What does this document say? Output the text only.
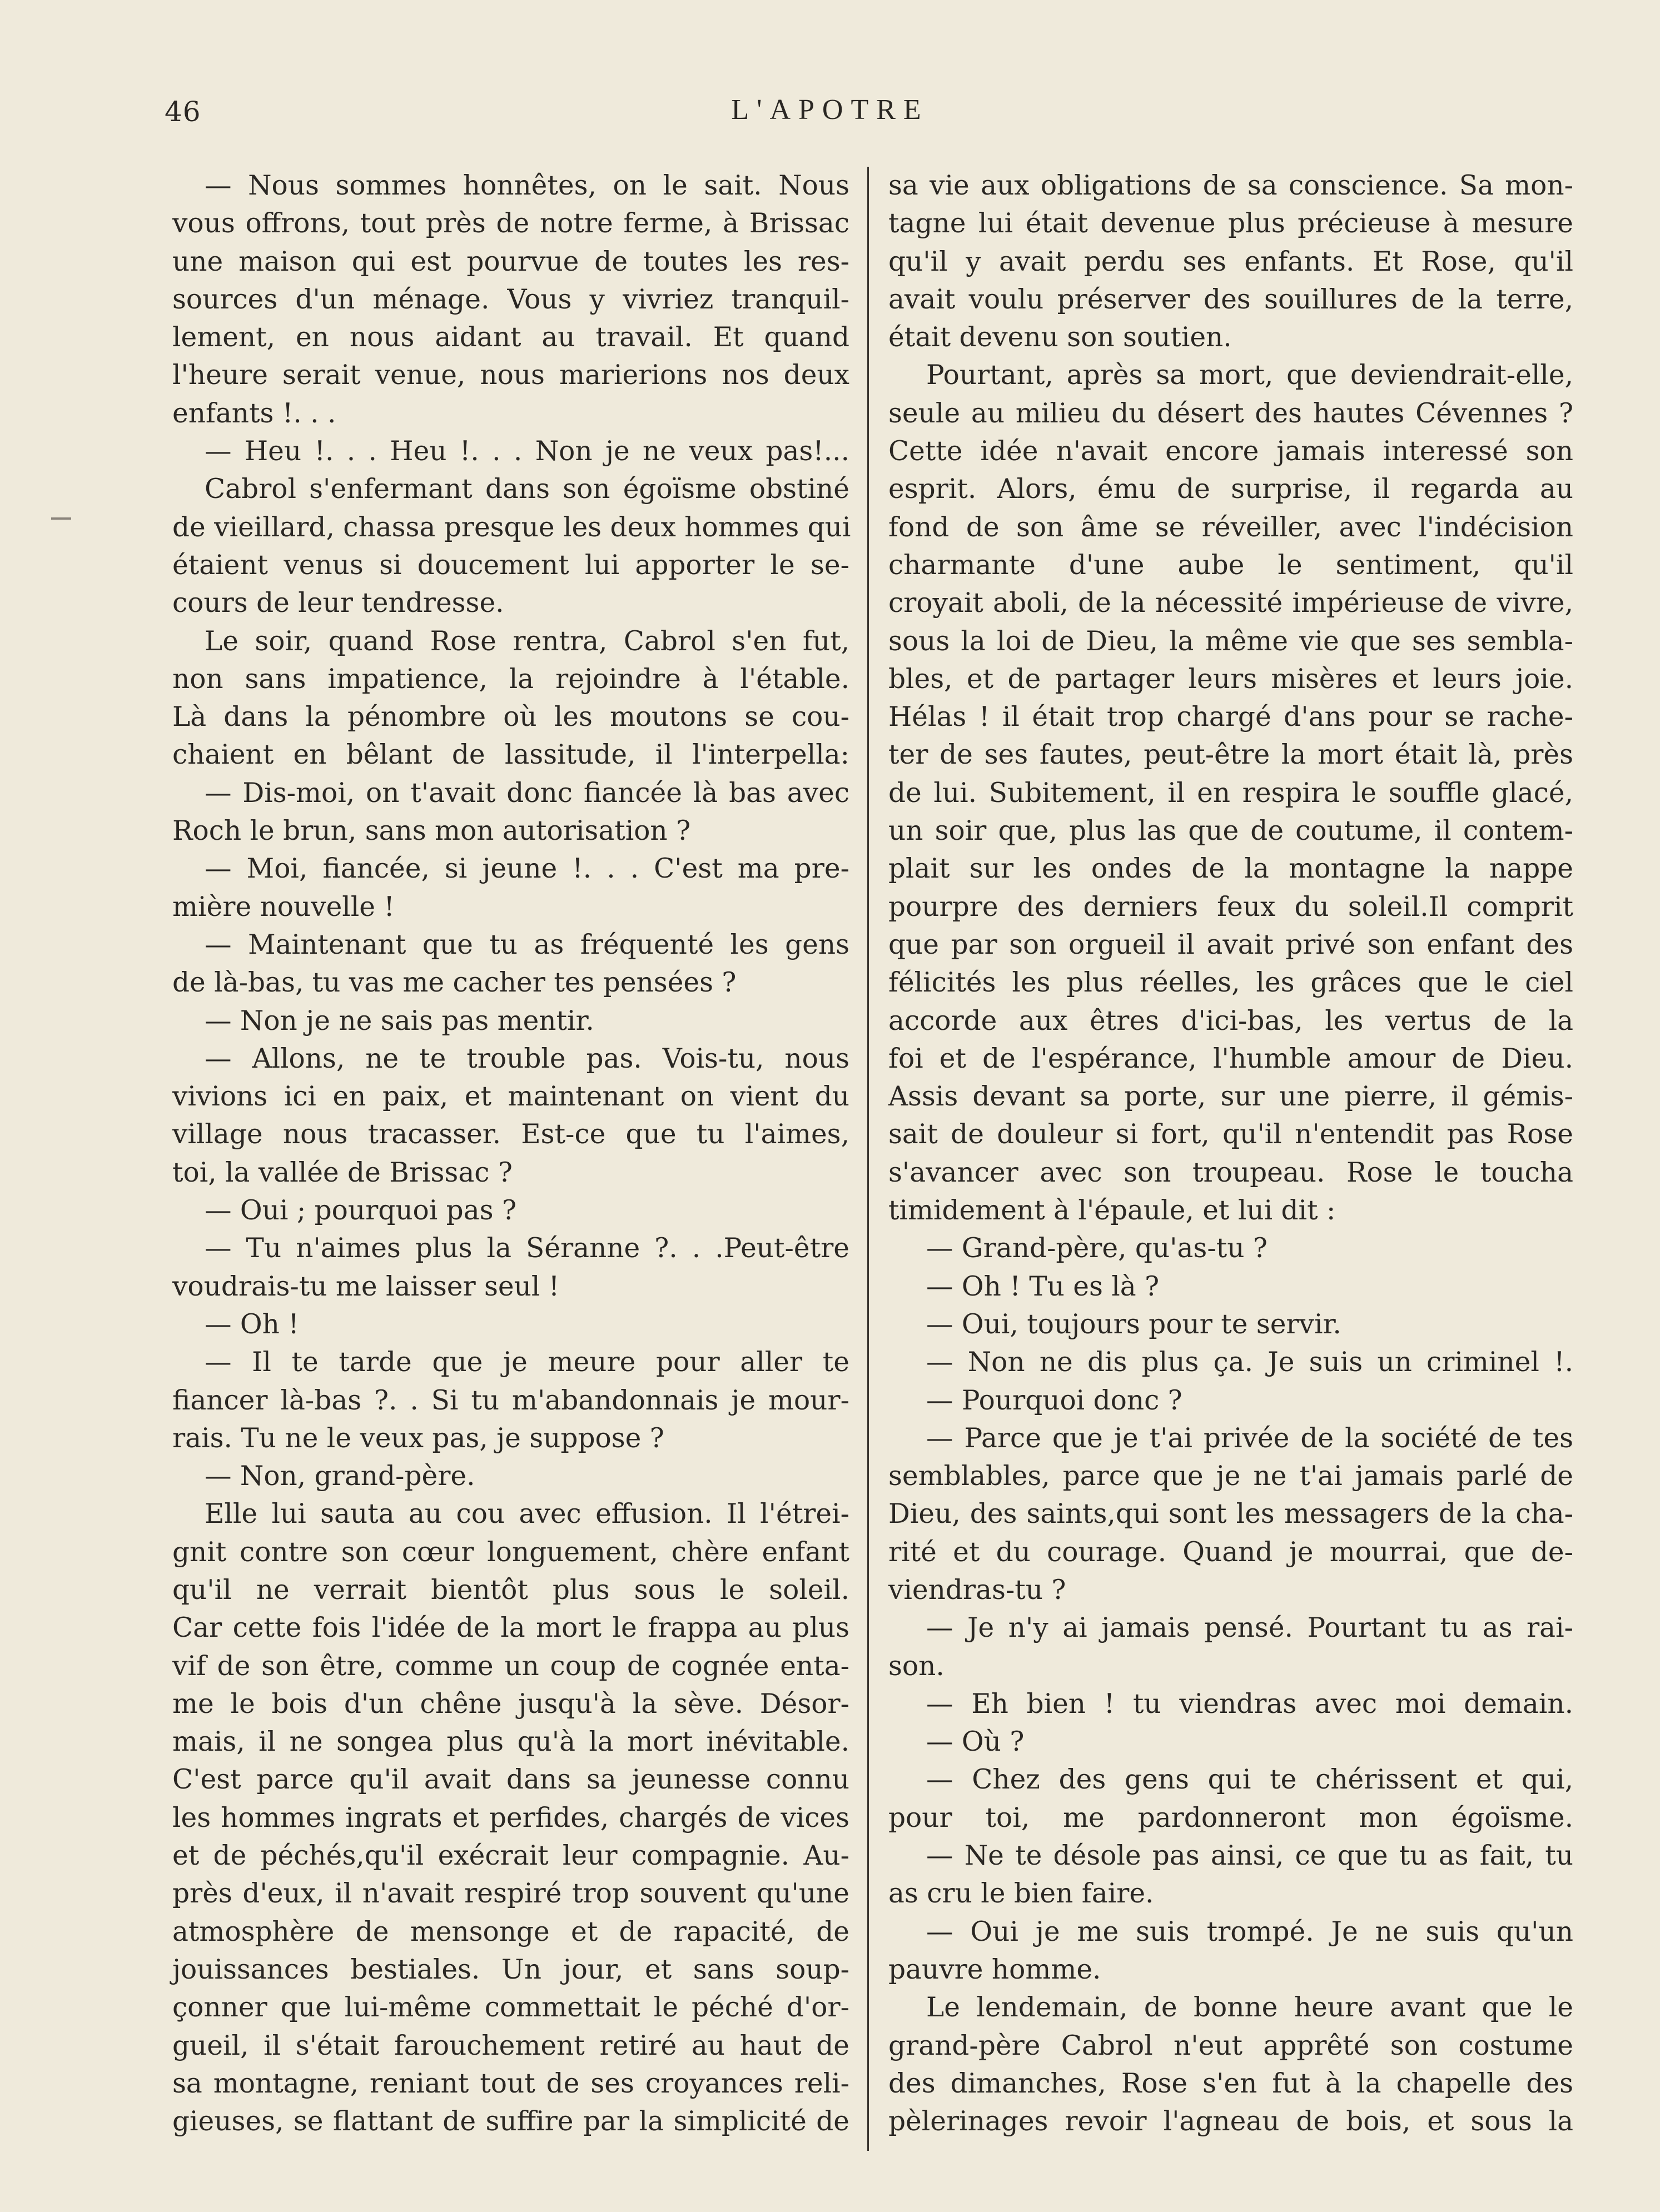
46	L'APOTRE
— Nous sommes honnêtes, on le sait. Nous
vous offrons, tout près de notre ferme, à Brissac
une maison qui est pourvue de toutes les res-
sources d'un ménage. Vous y vivriez tranquil-
lement, en nous aidant au travail. Et quand
l'heure serait venue, nous marierions nos deux
enfants !. . .
— Heu !. . . Heu !. . . Non je ne veux pas!...
Cabrol s'enfermant dans son égoïsme obstiné
de vieillard, chassa presque les deux hommes qui
étaient venus si doucement lui apporter le se-
cours de leur tendresse.
Le soir, quand Rose rentra, Cabrol s'en fut,
non sans impatience, la rejoindre à l'étable.
Là dans la pénombre où les moutons se cou-
chaient en bêlant de lassitude, il l'interpella:
— Dis-moi, on t'avait donc fiancée là bas avec
Roch le brun, sans mon autorisation ?
— Moi, fiancée, si jeune !. . . C'est ma pre-
mière nouvelle !
— Maintenant que tu as fréquenté les gens
de là-bas, tu vas me cacher tes pensées ?
— Non je ne sais pas mentir.
— Allons, ne te trouble pas. Vois-tu, nous
vivions ici en paix, et maintenant on vient du
village nous tracasser. Est-ce que tu l'aimes,
toi, la vallée de Brissac ?
— Oui ; pourquoi pas ?
— Tu n'aimes plus la Séranne ?. . .Peut-être
voudrais-tu me laisser seul !
— Oh !
— Il te tarde que je meure pour aller te
fiancer là-bas ?. . Si tu m'abandonnais je mour-
rais. Tu ne le veux pas, je suppose ?
— Non, grand-père.
Elle lui sauta au cou avec effusion. Il l'étrei-
gnit contre son cœur longuement, chère enfant
qu'il ne verrait bientôt plus sous le soleil.
Car cette fois l'idée de la mort le frappa au plus
vif de son être, comme un coup de cognée enta-
me le bois d'un chêne jusqu'à la sève. Désor-
mais, il ne songea plus qu'à la mort inévitable.
C'est parce qu'il avait dans sa jeunesse connu
les hommes ingrats et perfides, chargés de vices
et de péchés,qu'il exécrait leur compagnie. Au-
près d'eux, il n'avait respiré trop souvent qu'une
atmosphère de mensonge et de rapacité, de
jouissances bestiales. Un jour, et sans soup-
çonner que lui-même commettait le péché d'or-
gueil, il s'était farouchement retiré au haut de
sa montagne, reniant tout de ses croyances reli-
gieuses, se flattant de suffire par la simplicité de
sa vie aux obligations de sa conscience. Sa mon-
tagne lui était devenue plus précieuse à mesure
qu'il y avait perdu ses enfants. Et Rose, qu'il
avait voulu préserver des souillures de la terre,
était devenu son soutien.
Pourtant, après sa mort, que deviendrait-elle,
seule au milieu du désert des hautes Cévennes ?
Cette idée n'avait encore jamais interessé son
esprit. Alors, ému de surprise, il regarda au
fond de son âme se réveiller, avec l'indécision
charmante d'une aube le sentiment, qu'il
croyait aboli, de la nécessité impérieuse de vivre,
sous la loi de Dieu, la même vie que ses sembla-
bles, et de partager leurs misères et leurs joie.
Hélas ! il était trop chargé d'ans pour se rache-
ter de ses fautes, peut-être la mort était là, près
de lui. Subitement, il en respira le souffle glacé,
un soir que, plus las que de coutume, il contem-
plait sur les ondes de la montagne la nappe
pourpre des derniers feux du soleil.Il comprit
que par son orgueil il avait privé son enfant des
félicités les plus réelles, les grâces que le ciel
accorde aux êtres d'ici-bas, les vertus de la
foi et de l'espérance, l'humble amour de Dieu.
Assis devant sa porte, sur une pierre, il gémis-
sait de douleur si fort, qu'il n'entendit pas Rose
s'avancer avec son troupeau. Rose le toucha
timidement à l'épaule, et lui dit :
— Grand-père, qu'as-tu ?
— Oh ! Tu es là ?
— Oui, toujours pour te servir.
— Non ne dis plus ça. Je suis un criminel !.
— Pourquoi donc ?
— Parce que je t'ai privée de la société de tes
semblables, parce que je ne t'ai jamais parlé de
Dieu, des saints,qui sont les messagers de la cha-
rité et du courage. Quand je mourrai, que de-
viendras-tu ?
— Je n'y ai jamais pensé. Pourtant tu as rai-
son.
— Eh bien ! tu viendras avec moi demain.
— Où ?
— Chez des gens qui te chérissent et qui,
pour toi, me pardonneront mon égoïsme.
— Ne te désole pas ainsi, ce que tu as fait, tu
as cru le bien faire.
— Oui je me suis trompé. Je ne suis qu'un
pauvre homme.
Le lendemain, de bonne heure avant que le
grand-père Cabrol n'eut apprêté son costume
des dimanches, Rose s'en fut à la chapelle des
pèlerinages revoir l'agneau de bois, et sous la
